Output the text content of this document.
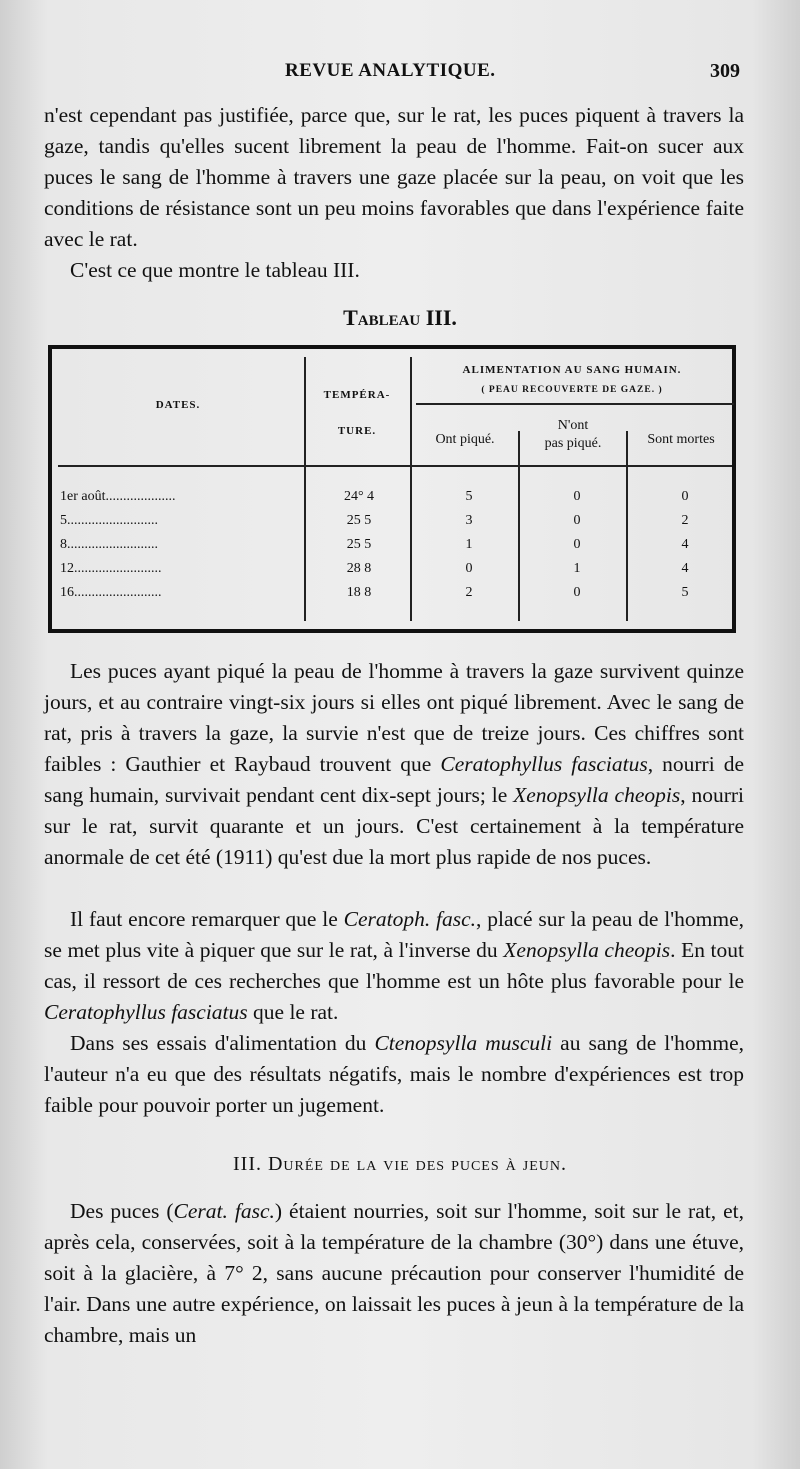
REVUE ANALYTIQUE.	309

n'est cependant pas justifiée, parce que, sur le rat, les puces piquent à travers la gaze, tandis qu'elles sucent librement la peau de l'homme. Fait-on sucer aux puces le sang de l'homme à travers une gaze placée sur la peau, on voit que les conditions de résistance sont un peu moins favorables que dans l'expérience faite avec le rat.

C'est ce que montre le tableau III.

Tableau III.
DATES.
TEMPÉRA-
TURE.
ALIMENTATION AU SANG HUMAIN.
( PEAU RECOUVERTE DE GAZE. )
Ont piqué.
N'ont
pas piqué.	Sont mortes
1er août....................	24° 4	5	0	0
5..........................	25 5	3	0	2
8..........................	25 5	1	0	4
12.........................	28 8	0	1	4
16.........................	18 8	2	0	5

Les puces ayant piqué la peau de l'homme à travers la gaze survivent quinze jours, et au contraire vingt-six jours si elles ont piqué librement. Avec le sang de rat, pris à travers la gaze, la survie n'est que de treize jours. Ces chiffres sont faibles : Gauthier et Raybaud trouvent que Ceratophyllus fasciatus, nourri de sang humain, survivait pendant cent dix-sept jours; le Xenopsylla cheopis, nourri sur le rat, survit quarante et un jours. C'est certainement à la température anormale de cet été (1911) qu'est due la mort plus rapide de nos puces.

Il faut encore remarquer que le Ceratoph. fasc., placé sur la peau de l'homme, se met plus vite à piquer que sur le rat, à l'inverse du Xenopsylla cheopis. En tout cas, il ressort de ces recherches que l'homme est un hôte plus favorable pour le Ceratophyllus fasciatus que le rat.

Dans ses essais d'alimentation du Ctenopsylla musculi au sang de l'homme, l'auteur n'a eu que des résultats négatifs, mais le nombre d'expériences est trop faible pour pouvoir porter un jugement.

III. Durée de la vie des puces à jeun.

Des puces (Cerat. fasc.) étaient nourries, soit sur l'homme, soit sur le rat, et, après cela, conservées, soit à la température de la chambre (30°) dans une étuve, soit à la glacière, à 7° 2, sans aucune précaution pour conserver l'humidité de l'air. Dans une autre expérience, on laissait les puces à jeun à la température de la chambre, mais un
